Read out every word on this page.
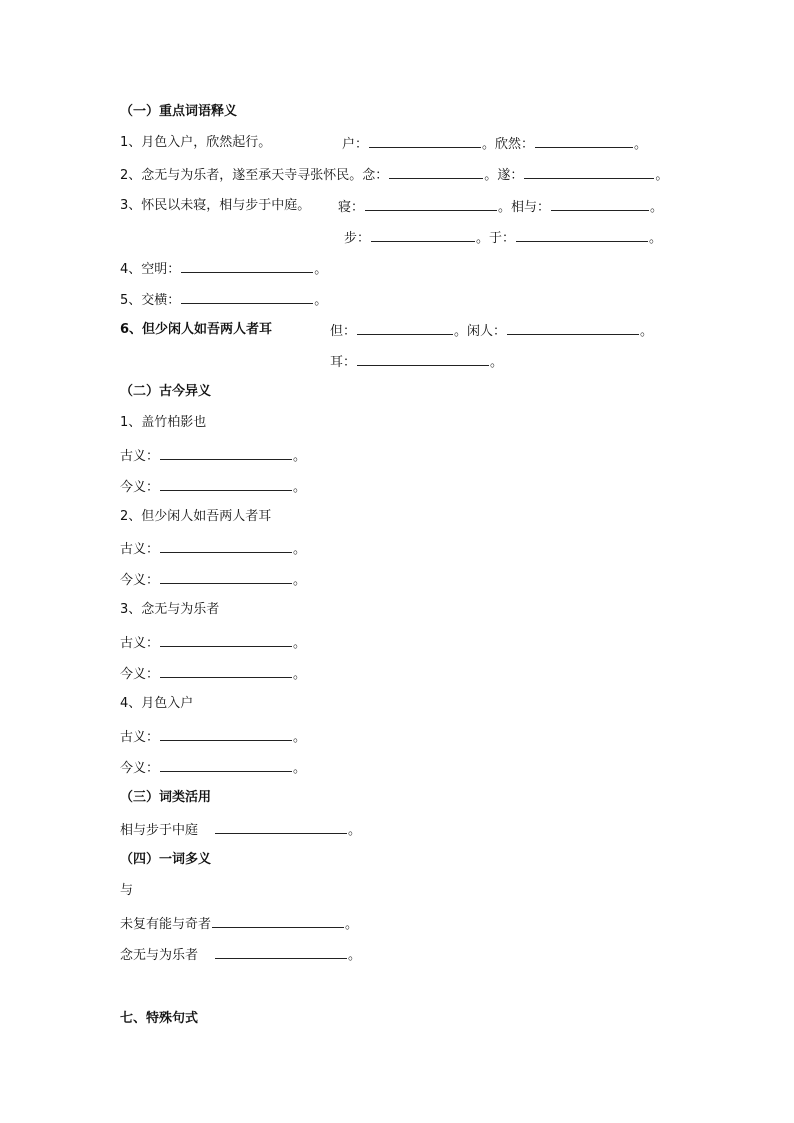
（一）重点词语释义
1、月色入户，欣然起行。	户：	。欣然：	。
2、念无与为乐者，遂至承天寺寻张怀民。念：	。遂：	。
3、怀民以未寝，相与步于中庭。 寝：	。相与：	。
步：	。于：	。
4、空明：	。
5、交横：	。
6、但少闲人如吾两人者耳	但：	。闲人：	。
耳：	。
（二）古今异义
1、盖竹柏影也
古义：	。
今义：	。
2、但少闲人如吾两人者耳
古义：	。
今义：	。
3、念无与为乐者
古义：	。
今义：	。
4、月色入户
古义：	。
今义：	。
（三）词类活用
相与步于中庭	。
（四）一词多义
与
未复有能与奇者	。
念无与为乐者	。
七、特殊句式
